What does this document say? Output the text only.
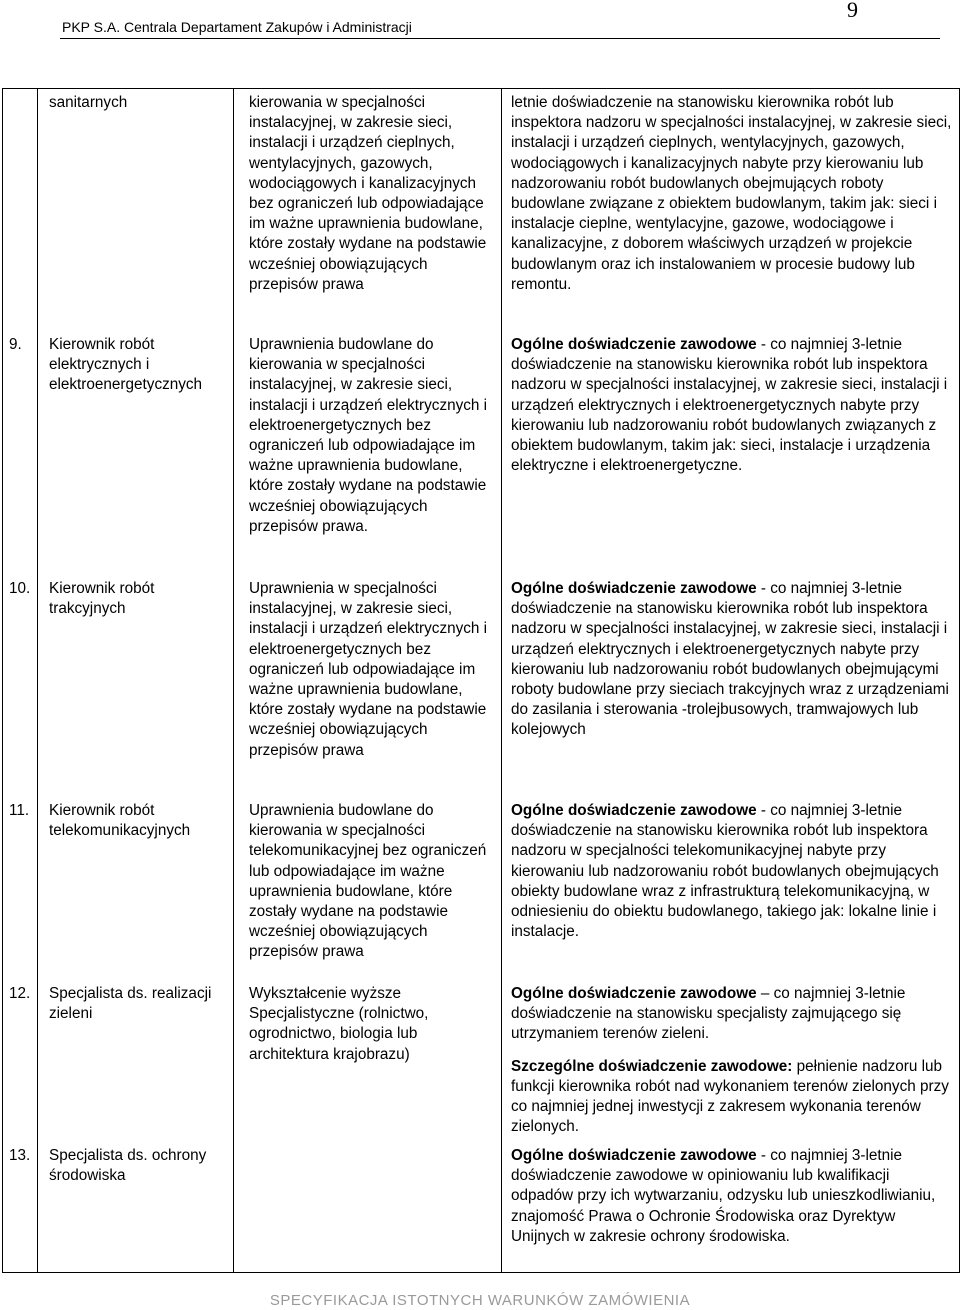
9
PKP S.A. Centrala Departament Zakupów i Administracji
sanitarnych	kierowania w specjalności instalacyjnej, w zakresie sieci, instalacji i urządzeń cieplnych, wentylacyjnych, gazowych, wodociągowych i kanalizacyjnych bez ograniczeń lub odpowiadające im ważne uprawnienia budowlane, które zostały wydane na podstawie wcześniej obowiązujących przepisów prawa
letnie doświadczenie na stanowisku kierownika robót lub inspektora nadzoru w specjalności instalacyjnej, w zakresie sieci, instalacji i urządzeń cieplnych, wentylacyjnych, gazowych, wodociągowych i kanalizacyjnych nabyte przy kierowaniu lub nadzorowaniu robót budowlanych obejmujących roboty budowlane związane z obiektem budowlanym, takim jak: sieci i instalacje cieplne, wentylacyjne, gazowe, wodociągowe i kanalizacyjne, z doborem właściwych urządzeń w projekcie budowlanym oraz ich instalowaniem w procesie budowy lub remontu.
9. Kierownik robót elektrycznych i elektroenergetycznych
Uprawnienia budowlane do kierowania w specjalności instalacyjnej, w zakresie sieci, instalacji i urządzeń elektrycznych i elektroenergetycznych bez ograniczeń lub odpowiadające im ważne uprawnienia budowlane, które zostały wydane na podstawie wcześniej obowiązujących przepisów prawa.
Ogólne doświadczenie zawodowe - co najmniej 3-letnie doświadczenie na stanowisku kierownika robót lub inspektora nadzoru w specjalności instalacyjnej, w zakresie sieci, instalacji i urządzeń elektrycznych i elektroenergetycznych nabyte przy kierowaniu lub nadzorowaniu robót budowlanych związanych z obiektem budowlanym, takim jak: sieci, instalacje i urządzenia elektryczne i elektroenergetyczne.
10. Kierownik robót trakcyjnych
Uprawnienia w specjalności instalacyjnej, w zakresie sieci, instalacji i urządzeń elektrycznych i elektroenergetycznych bez ograniczeń lub odpowiadające im ważne uprawnienia budowlane, które zostały wydane na podstawie wcześniej obowiązujących przepisów prawa
Ogólne doświadczenie zawodowe - co najmniej 3-letnie doświadczenie na stanowisku kierownika robót lub inspektora nadzoru w specjalności instalacyjnej, w zakresie sieci, instalacji i urządzeń elektrycznych i elektroenergetycznych nabyte przy kierowaniu lub nadzorowaniu robót budowlanych obejmującymi roboty budowlane przy sieciach trakcyjnych wraz z urządzeniami do zasilania i sterowania -trolejbusowych, tramwajowych lub kolejowych
11. Kierownik robót telekomunikacyjnych
Uprawnienia budowlane do kierowania w specjalności telekomunikacyjnej bez ograniczeń lub odpowiadające im ważne uprawnienia budowlane, które zostały wydane na podstawie wcześniej obowiązujących przepisów prawa
Ogólne doświadczenie zawodowe - co najmniej 3-letnie doświadczenie na stanowisku kierownika robót lub inspektora nadzoru w specjalności telekomunikacyjnej nabyte przy kierowaniu lub nadzorowaniu robót budowlanych obejmujących obiekty budowlane wraz z infrastrukturą telekomunikacyjną, w odniesieniu do obiektu budowlanego, takiego jak: lokalne linie i instalacje.
12. Specjalista ds. realizacji zieleni
Wykształcenie wyższe Specjalistyczne (rolnictwo, ogrodnictwo, biologia lub architektura krajobrazu)

Ogólne doświadczenie zawodowe – co najmniej 3-letnie doświadczenie na stanowisku specjalisty zajmującego się utrzymaniem terenów zieleni.

Szczególne doświadczenie zawodowe: pełnienie nadzoru lub funkcji kierownika robót nad wykonaniem terenów zielonych przy co najmniej jednej inwestycji z zakresem wykonania terenów zielonych.

13. Specjalista ds. ochrony środowiska
Ogólne doświadczenie zawodowe - co najmniej 3-letnie doświadczenie zawodowe w opiniowaniu lub kwalifikacji odpadów przy ich wytwarzaniu, odzysku lub unieszkodliwianiu, znajomość Prawa o Ochronie Środowiska oraz Dyrektyw Unijnych w zakresie ochrony środowiska.
SPECYFIKACJA ISTOTNYCH WARUNKÓW ZAMÓWIENIA
